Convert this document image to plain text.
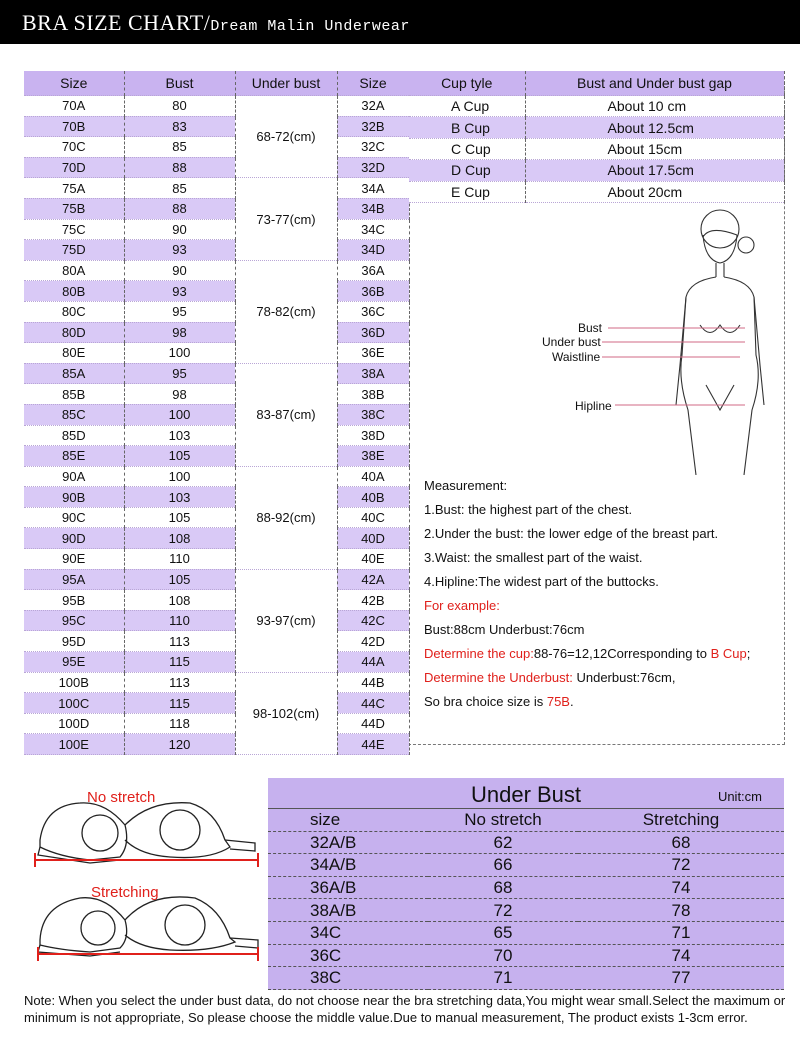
BRA SIZE CHART/Dream Malin Underwear
Size	Bust	Under bust	Size
70A	80	68-72(cm)	32A
70B	83		32B
70C	85		32C
70D	88		32D
75A	85	73-77(cm)	34A
75B	88		34B
75C	90		34C
75D	93		34D
80A	90	78-82(cm)	36A
80B	93		36B
80C	95		36C
80D	98		36D
80E	100		36E
85A	95	83-87(cm)	38A
85B	98		38B
85C	100		38C
85D	103		38D
85E	105		38E
90A	100	88-92(cm)	40A
90B	103		40B
90C	105		40C
90D	108		40D
90E	110		40E
95A	105	93-97(cm)	42A
95B	108		42B
95C	110		42C
95D	113		42D
95E	115		44A
100B	113	98-102(cm)	44B
100C	115		44C
100D	118		44D
100E	120		44E
Cup tyle	Bust and Under bust gap
A Cup	About 10 cm
B Cup	About 12.5cm
C Cup	About 15cm
D Cup	About 17.5cm
E Cup	About 20cm
Bust
Under bust
Waistline
Hipline
Measurement:
1.Bust: the highest part of the chest.
2.Under the bust: the lower edge of the breast part.
3.Waist: the smallest part of the waist.
4.Hipline:The widest part of the buttocks.
For example:
Bust:88cm Underbust:76cm
Determine the cup:88-76=12,12Corresponding to B Cup;
Determine the Underbust: Underbust:76cm,
So bra choice size is 75B.
No stretch
Stretching
Under Bust	Unit:cm
size	No stretch	Stretching
32A/B	62	68
34A/B	66	72
36A/B	68	74
38A/B	72	78
34C	65	71
36C	70	74
38C	71	77
Note: When you select the under bust data, do not choose near the bra stretching data,You might wear small.Select the maximum or minimum is not appropriate, So please choose the middle value.Due to manual measurement, The product exists 1-3cm error.
